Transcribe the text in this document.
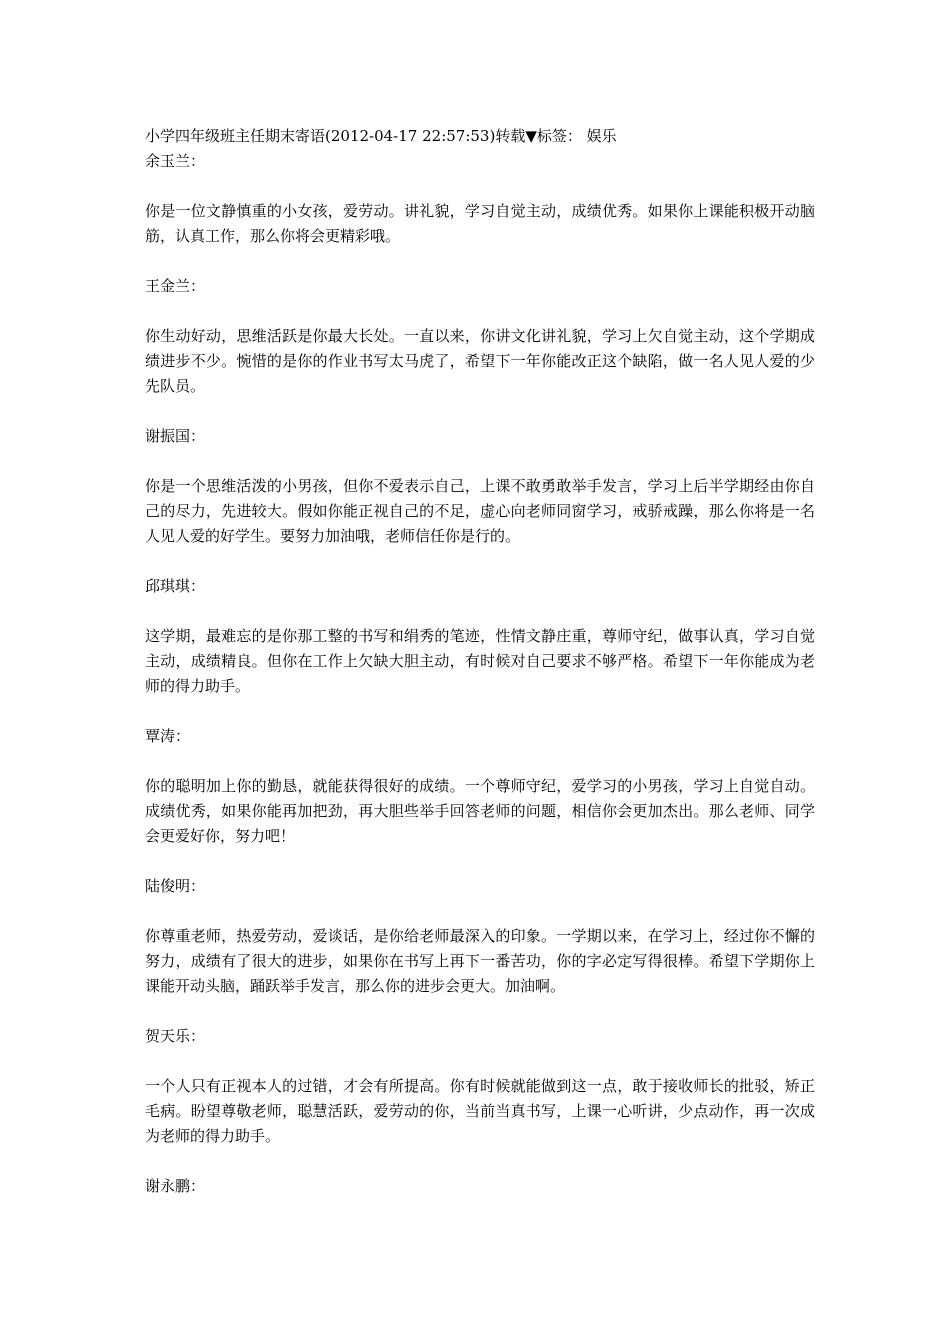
小学四年级班主任期末寄语(2012-04-17 22:57:53)转载▼标签： 娱乐

余玉兰：

你是一位文静慎重的小女孩，爱劳动。讲礼貌，学习自觉主动，成绩优秀。如果你上课能积极开动脑筋，认真工作，那么你将会更精彩哦。

王金兰：

你生动好动，思维活跃是你最大长处。一直以来，你讲文化讲礼貌，学习上欠自觉主动，这个学期成绩进步不少。惋惜的是你的作业书写太马虎了，希望下一年你能改正这个缺陷，做一名人见人爱的少先队员。

谢振国：

你是一个思维活泼的小男孩，但你不爱表示自己，上课不敢勇敢举手发言，学习上后半学期经由你自己的尽力，先进较大。假如你能正视自己的不足，虚心向老师同窗学习，戒骄戒躁，那么你将是一名人见人爱的好学生。要努力加油哦，老师信任你是行的。

邱琪琪：

这学期，最难忘的是你那工整的书写和绢秀的笔迹，性情文静庄重，尊师守纪，做事认真，学习自觉主动，成绩精良。但你在工作上欠缺大胆主动，有时候对自己要求不够严格。希望下一年你能成为老师的得力助手。

覃涛：

你的聪明加上你的勤恳，就能获得很好的成绩。一个尊师守纪，爱学习的小男孩，学习上自觉自动。成绩优秀，如果你能再加把劲，再大胆些举手回答老师的问题，相信你会更加杰出。那么老师、同学会更爱好你，努力吧！

陆俊明：

你尊重老师，热爱劳动，爱谈话，是你给老师最深入的印象。一学期以来，在学习上，经过你不懈的努力，成绩有了很大的进步，如果你在书写上再下一番苦功，你的字必定写得很棒。希望下学期你上课能开动头脑，踊跃举手发言，那么你的进步会更大。加油啊。

贺天乐：

一个人只有正视本人的过错，才会有所提高。你有时候就能做到这一点，敢于接收师长的批驳，矫正毛病。盼望尊敬老师，聪慧活跃，爱劳动的你，当前当真书写，上课一心听讲，少点动作，再一次成为老师的得力助手。

谢永鹏：
